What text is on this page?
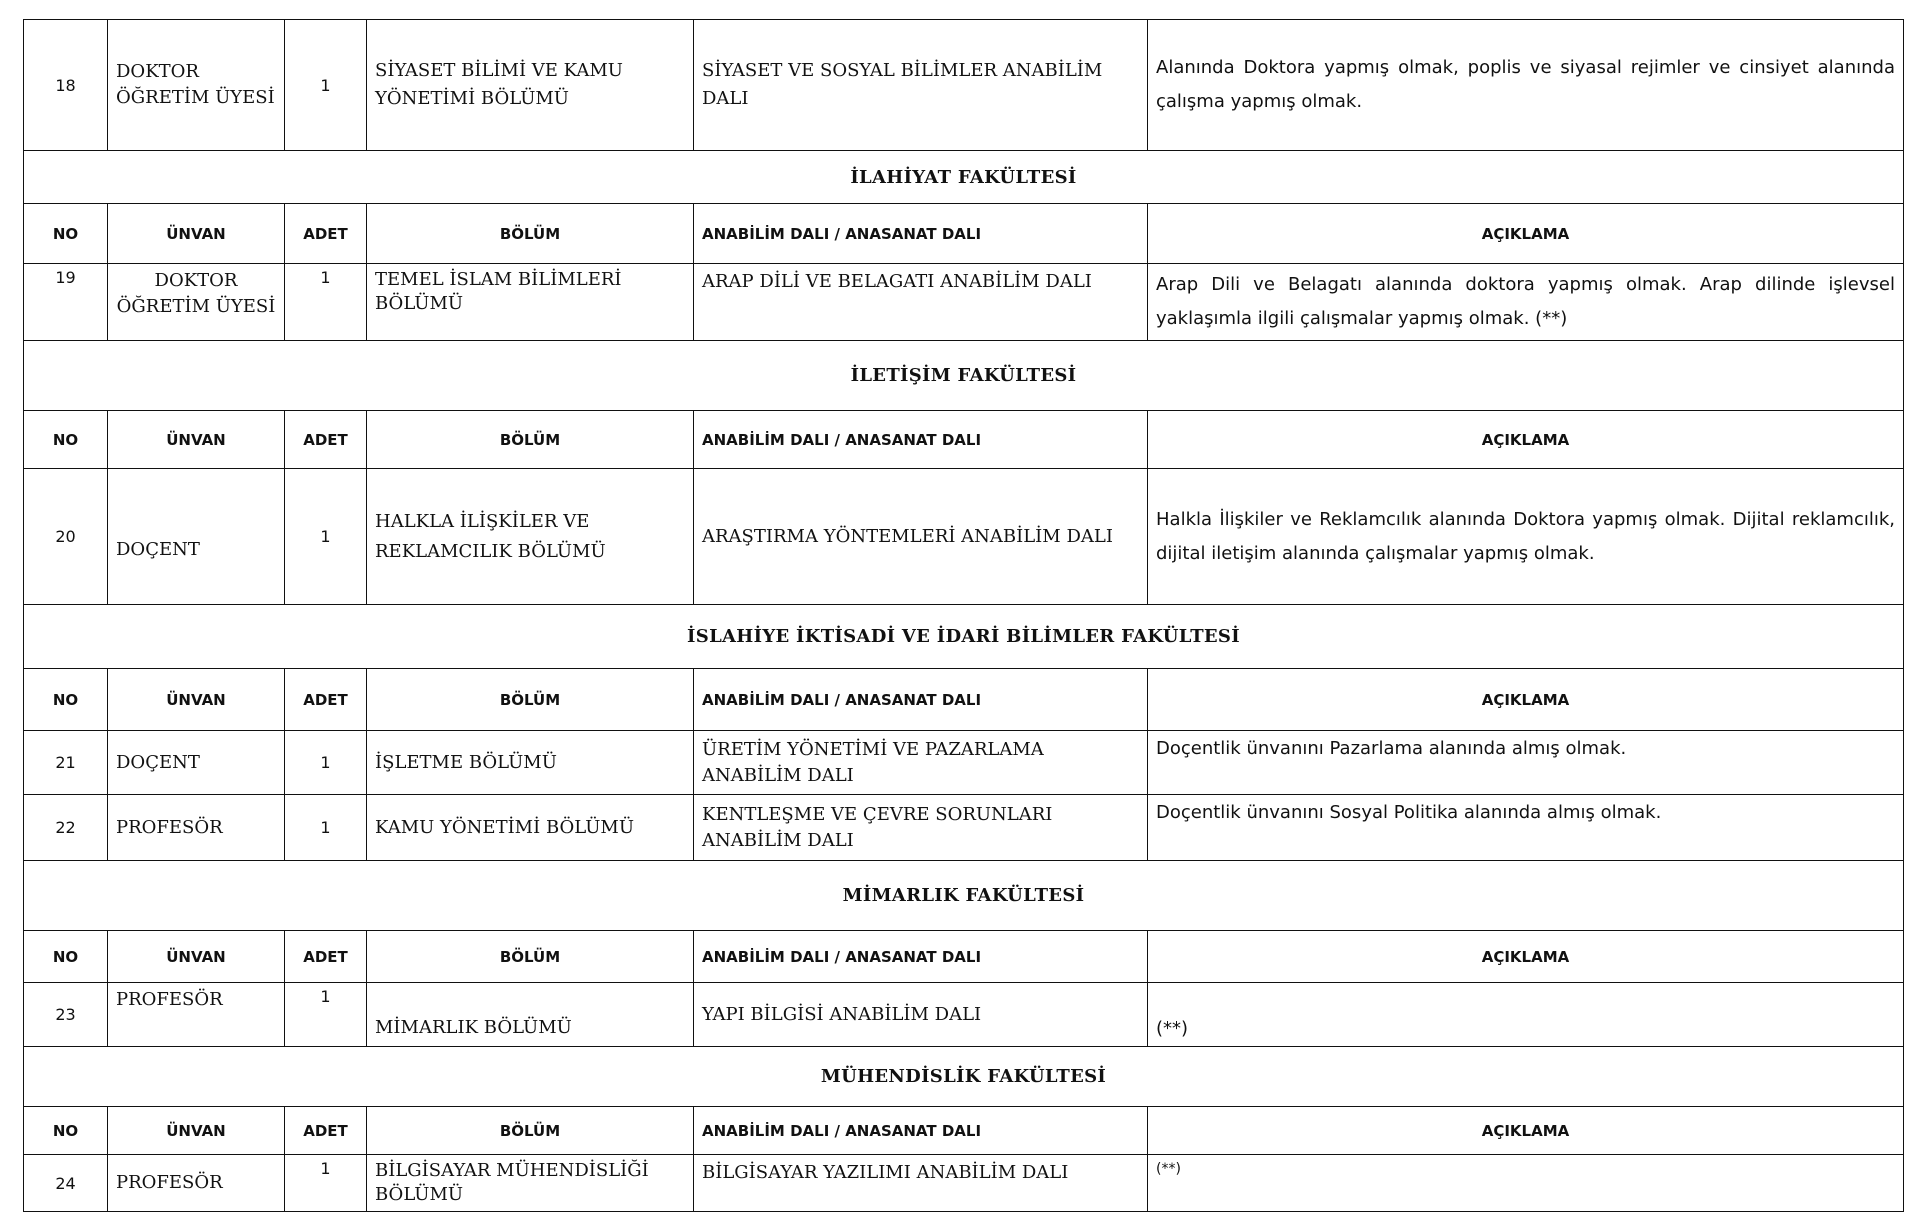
18	DOKTOR ÖĞRETİM ÜYESİ	1	SİYASET BİLİMİ VE KAMU YÖNETİMİ BÖLÜMÜ	SİYASET VE SOSYAL BİLİMLER ANABİLİM DALI	Alanında Doktora yapmış olmak, poplis ve siyasal rejimler ve cinsiyet alanında çalışma yapmış olmak.
İLAHİYAT FAKÜLTESİ					
NO	ÜNVAN	ADET	BÖLÜM	ANABİLİM DALI / ANASANAT DALI	AÇIKLAMA
19	DOKTOR ÖĞRETİM ÜYESİ	1	TEMEL İSLAM BİLİMLERİ BÖLÜMÜ	ARAP DİLİ VE BELAGATI ANABİLİM DALI	Arap Dili ve Belagatı alanında doktora yapmış olmak. Arap dilinde işlevsel yaklaşımla ilgili çalışmalar yapmış olmak. (**)
İLETİŞİM FAKÜLTESİ					
NO	ÜNVAN	ADET	BÖLÜM	ANABİLİM DALI / ANASANAT DALI	AÇIKLAMA
20	DOÇENT	1	HALKLA İLİŞKİLER VE REKLAMCILIK BÖLÜMÜ	ARAŞTIRMA YÖNTEMLERİ ANABİLİM DALI	Halkla İlişkiler ve Reklamcılık alanında Doktora yapmış olmak. Dijital reklamcılık, dijital iletişim alanında çalışmalar yapmış olmak.
İSLAHİYE İKTİSADİ VE İDARİ BİLİMLER FAKÜLTESİ					
NO	ÜNVAN	ADET	BÖLÜM	ANABİLİM DALI / ANASANAT DALI	AÇIKLAMA
21	DOÇENT	1	İŞLETME BÖLÜMÜ	ÜRETİM YÖNETİMİ VE PAZARLAMA ANABİLİM DALI	Doçentlik ünvanını Pazarlama alanında almış olmak.
22	PROFESÖR	1	KAMU YÖNETİMİ BÖLÜMÜ	KENTLEŞME VE ÇEVRE SORUNLARI ANABİLİM DALI	Doçentlik ünvanını Sosyal Politika alanında almış olmak.
MİMARLIK FAKÜLTESİ					
NO	ÜNVAN	ADET	BÖLÜM	ANABİLİM DALI / ANASANAT DALI	AÇIKLAMA
23	PROFESÖR	1	MİMARLIK BÖLÜMÜ	YAPI BİLGİSİ ANABİLİM DALI	(**)
MÜHENDİSLİK FAKÜLTESİ					
NO	ÜNVAN	ADET	BÖLÜM	ANABİLİM DALI / ANASANAT DALI	AÇIKLAMA
24	PROFESÖR	1	BİLGİSAYAR MÜHENDİSLİĞİ BÖLÜMÜ	BİLGİSAYAR YAZILIMI ANABİLİM DALI	(**)
